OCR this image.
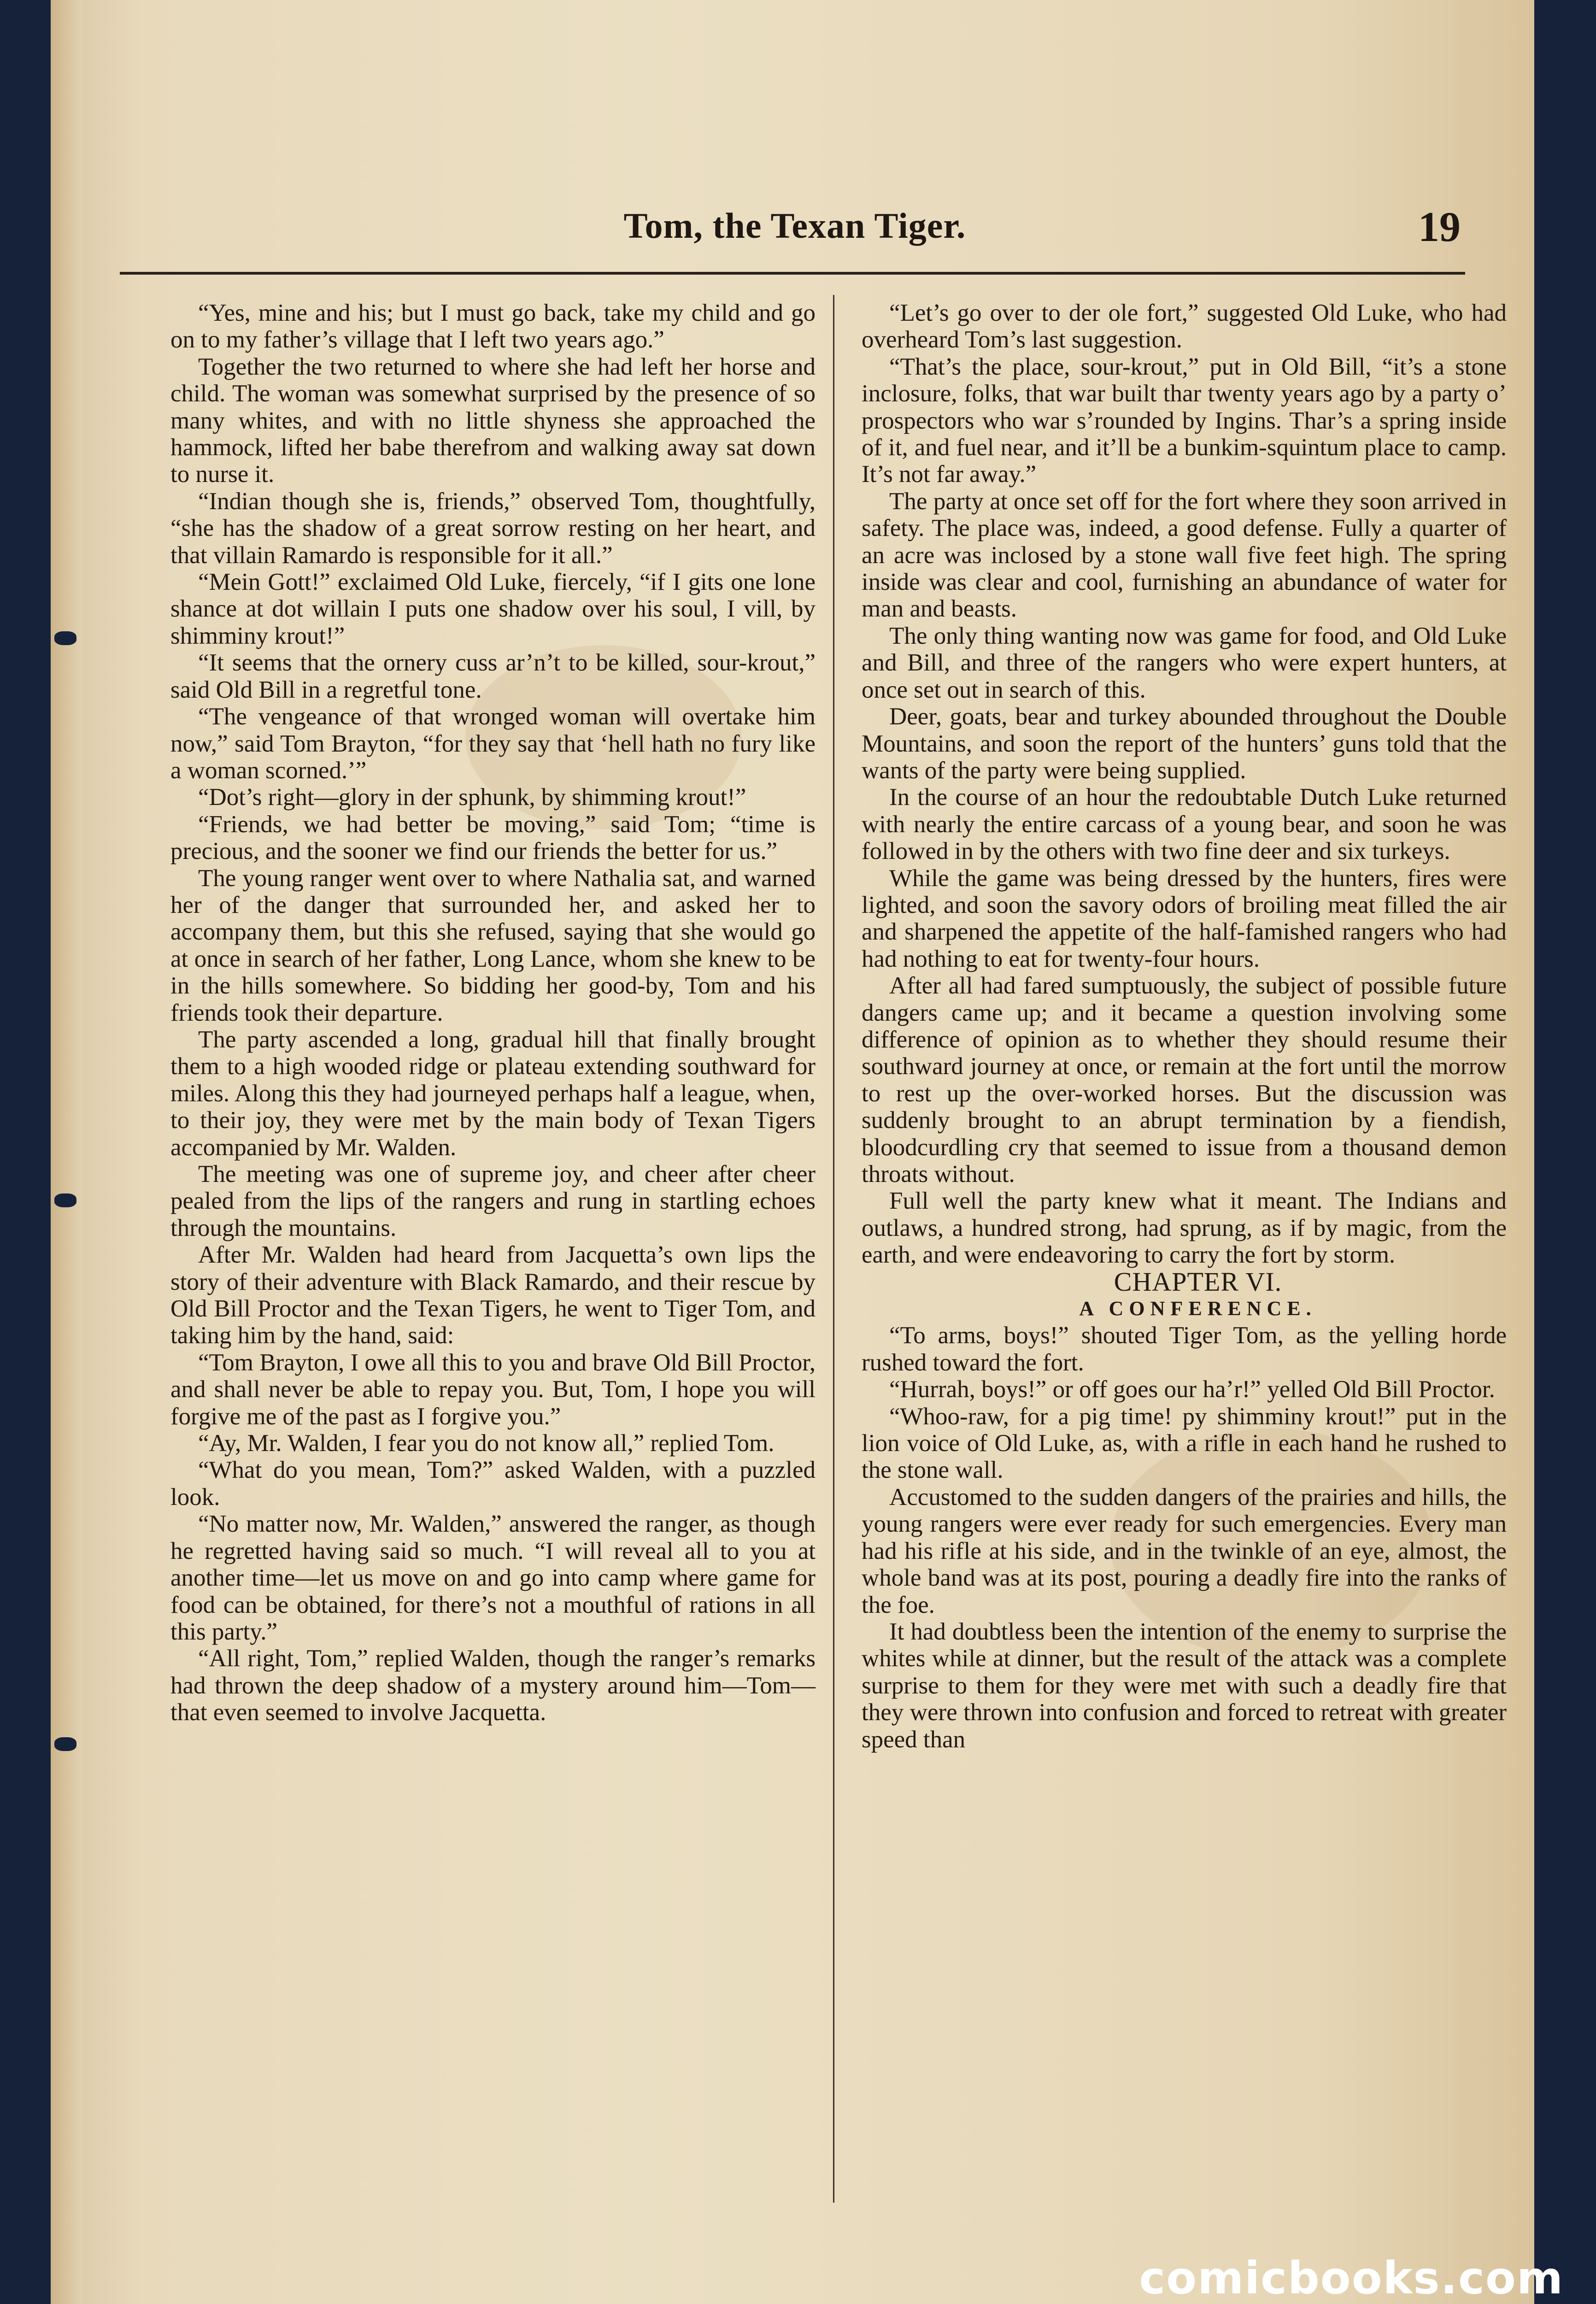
Tom, the Texan Tiger.	19

“Yes, mine and his; but I must go back, take my child and go on to my father’s village that I left two years ago.”

Together the two returned to where she had left her horse and child. The woman was somewhat surprised by the presence of so many whites, and with no little shyness she approached the hammock, lifted her babe therefrom and walking away sat down to nurse it.

“Indian though she is, friends,” observed Tom, thoughtfully, “she has the shadow of a great sorrow resting on her heart, and that villain Ramardo is responsible for it all.”

“Mein Gott!” exclaimed Old Luke, fiercely, “if I gits one lone shance at dot willain I puts one shadow over his soul, I vill, by shimminy krout!”

“It seems that the ornery cuss ar’n’t to be killed, sour-krout,” said Old Bill in a regretful tone.

“The vengeance of that wronged woman will overtake him now,” said Tom Brayton, “for they say that ‘hell hath no fury like a woman scorned.’”

“Dot’s right—glory in der sphunk, by shimming krout!”

“Friends, we had better be moving,” said Tom; “time is precious, and the sooner we find our friends the better for us.”

The young ranger went over to where Nathalia sat, and warned her of the danger that surrounded her, and asked her to accompany them, but this she refused, saying that she would go at once in search of her father, Long Lance, whom she knew to be in the hills somewhere. So bidding her good-by, Tom and his friends took their departure.

The party ascended a long, gradual hill that finally brought them to a high wooded ridge or plateau extending southward for miles. Along this they had journeyed perhaps half a league, when, to their joy, they were met by the main body of Texan Tigers accompanied by Mr. Walden.

The meeting was one of supreme joy, and cheer after cheer pealed from the lips of the rangers and rung in startling echoes through the mountains.

After Mr. Walden had heard from Jacquetta’s own lips the story of their adventure with Black Ramardo, and their rescue by Old Bill Proctor and the Texan Tigers, he went to Tiger Tom, and taking him by the hand, said:

“Tom Brayton, I owe all this to you and brave Old Bill Proctor, and shall never be able to repay you. But, Tom, I hope you will forgive me of the past as I forgive you.”

“Ay, Mr. Walden, I fear you do not know all,” replied Tom.

“What do you mean, Tom?” asked Walden, with a puzzled look.

“No matter now, Mr. Walden,” answered the ranger, as though he regretted having said so much. “I will reveal all to you at another time—let us move on and go into camp where game for food can be obtained, for there’s not a mouthful of rations in all this party.”

“All right, Tom,” replied Walden, though the ranger’s remarks had thrown the deep shadow of a mystery around him—Tom—that even seemed to involve Jacquetta.

“Let’s go over to der ole fort,” suggested Old Luke, who had overheard Tom’s last suggestion.

“That’s the place, sour-krout,” put in Old Bill, “it’s a stone inclosure, folks, that war built thar twenty years ago by a party o’ prospectors who war s’rounded by Ingins. Thar’s a spring inside of it, and fuel near, and it’ll be a bunkim-squintum place to camp. It’s not far away.”

The party at once set off for the fort where they soon arrived in safety. The place was, indeed, a good defense. Fully a quarter of an acre was inclosed by a stone wall five feet high. The spring inside was clear and cool, furnishing an abundance of water for man and beasts.

The only thing wanting now was game for food, and Old Luke and Bill, and three of the rangers who were expert hunters, at once set out in search of this.

Deer, goats, bear and turkey abounded throughout the Double Mountains, and soon the report of the hunters’ guns told that the wants of the party were being supplied.

In the course of an hour the redoubtable Dutch Luke returned with nearly the entire carcass of a young bear, and soon he was followed in by the others with two fine deer and six turkeys.

While the game was being dressed by the hunters, fires were lighted, and soon the savory odors of broiling meat filled the air and sharpened the appetite of the half-famished rangers who had had nothing to eat for twenty-four hours.

After all had fared sumptuously, the subject of possible future dangers came up; and it became a question involving some difference of opinion as to whether they should resume their southward journey at once, or remain at the fort until the morrow to rest up the over-worked horses. But the discussion was suddenly brought to an abrupt termination by a fiendish, bloodcurdling cry that seemed to issue from a thousand demon throats without.

Full well the party knew what it meant. The Indians and outlaws, a hundred strong, had sprung, as if by magic, from the earth, and were endeavoring to carry the fort by storm.

CHAPTER VI.

A CONFERENCE.

“To arms, boys!” shouted Tiger Tom, as the yelling horde rushed toward the fort.

“Hurrah, boys!” or off goes our ha’r!” yelled Old Bill Proctor.

“Whoo-raw, for a pig time! py shimminy krout!” put in the lion voice of Old Luke, as, with a rifle in each hand he rushed to the stone wall.

Accustomed to the sudden dangers of the prairies and hills, the young rangers were ever ready for such emergencies. Every man had his rifle at his side, and in the twinkle of an eye, almost, the whole band was at its post, pouring a deadly fire into the ranks of the foe.

It had doubtless been the intention of the enemy to surprise the whites while at dinner, but the result of the attack was a complete surprise to them for they were met with such a deadly fire that they were thrown into confusion and forced to retreat with greater speed than

comicbooks.com
